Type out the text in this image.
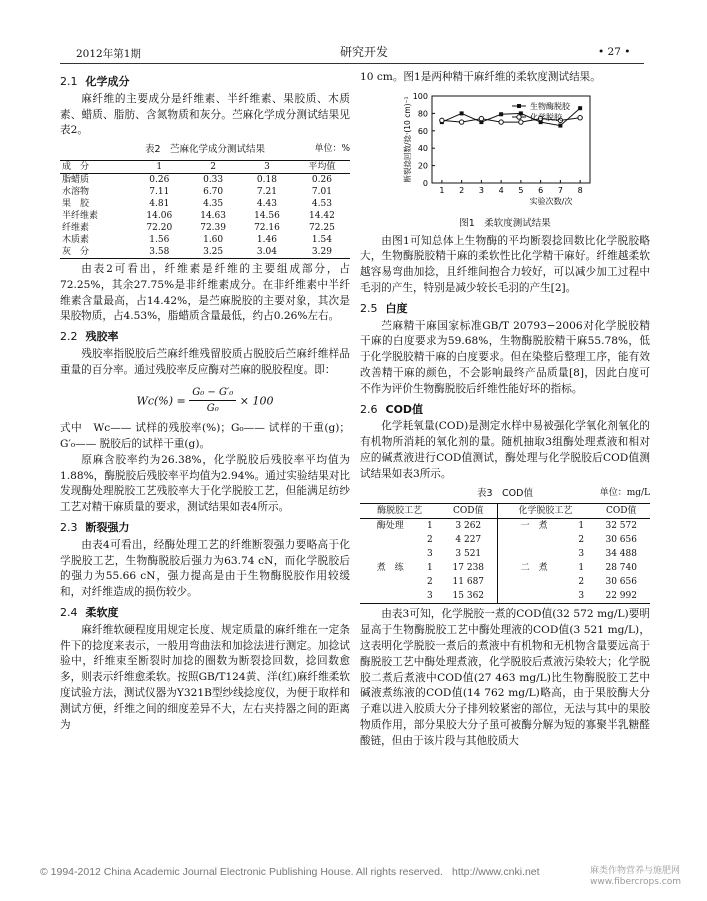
2012年第1期	研究开发	• 27 •
2.1 化学成分

麻纤维的主要成分是纤维素、半纤维素、果胶质、木质素、蜡质、脂肪、含氮物质和灰分。苎麻化学成分测试结果见表2。

表2　苎麻化学成分测试结果	单位：%
成　分	1	2	3	平均值
脂蜡质	0.26	0.33	0.18	0.26
水溶物	7.11	6.70	7.21	7.01
果　胶	4.81	4.35	4.43	4.53
半纤维素	14.06	14.63	14.56	14.42
纤维素	72.20	72.39	72.16	72.25
木质素	1.56	1.60	1.46	1.54
灰　分	3.58	3.25	3.04	3.29

由表2可看出，纤维素是纤维的主要组成部分，占72.25%，其余27.75%是非纤维素成分。在非纤维素中半纤维素含量最高，占14.42%，是苎麻脱胶的主要对象，其次是果胶物质，占4.53%，脂蜡质含量最低，约占0.26%左右。

2.2 残胶率

残胶率指脱胶后苎麻纤维残留胶质占脱胶后苎麻纤维样品重量的百分率。通过残胶率反应酶对苎麻的脱胶程度。即：

$Wc(\%) = \frac{\text{G₀ − G′₀}}{\text{G₀}} \times 100$

式中　Wc—— 试样的残胶率(%)；G₀—— 试样的干重(g)；G′₀—— 脱胶后的试样干重(g)。

原麻含胶率约为26.38%，化学脱胶后残胶率平均值为1.88%，酶脱胶后残胶率平均值为2.94%。通过实验结果对比发现酶处理脱胶工艺残胶率大于化学脱胶工艺，但能满足纺纱工艺对精干麻质量的要求，测试结果如表4所示。

2.3 断裂强力

由表4可看出，经酶处理工艺的纤维断裂强力要略高于化学脱胶工艺，生物酶脱胶后强力为63.74 cN，而化学脱胶后的强力为55.66 cN，强力提高是由于生物酶脱胶作用较缓和，对纤维造成的损伤较少。

2.4 柔软度

麻纤维软硬程度用规定长度、规定质量的麻纤维在一定条件下的捻度来表示，一般用弯曲法和加捻法进行测定。加捻试验中，纤维束至断裂时加捻的圈数为断裂捻回数，捻回数愈多，则表示纤维愈柔软。按照GB/T124黄、洋(红)麻纤维柔软度试验方法，测试仪器为Y321B型纱线捻度仪，为便于取样和测试方便，纤维之间的细度差异不大，左右夹持器之间的距离为

10 cm。图1是两种精干麻纤维的柔软度测试结果。

0
20
40
60
80
100
1 2 3 4 5 6 7 8
断裂捻回数/捻·(10 cm)⁻¹
实验次数/次
生物酶脱胶
化学脱胶
图1　柔软度测试结果

由图1可知总体上生物酶的平均断裂捻回数比化学脱胶略大，生物酶脱胶精干麻的柔软性比化学精干麻好。纤维越柔软越容易弯曲加捻，且纤维间抱合力较好，可以减少加工过程中毛羽的产生，特别是减少较长毛羽的产生[2]。

2.5 白度

苎麻精干麻国家标准GB/T 20793−2006对化学脱胶精干麻的白度要求为59.68%，生物酶脱胶精干麻55.78%，低于化学脱胶精干麻的白度要求。但在染整后整理工序，能有效改善精干麻的颜色，不会影响最终产品质量[8]，因此白度可不作为评价生物酶脱胶后纤维性能好坏的指标。

2.6 COD值

化学耗氧量(COD)是测定水样中易被强化学氧化剂氧化的有机物所消耗的氧化剂的量。随机抽取3组酶处理煮液和相对应的碱煮液进行COD值测试，酶处理与化学脱胶后COD值测试结果如表3所示。

表3　COD值	单位：mg/L
酶脱胶工艺		COD值	化学脱胶工艺		COD值
酶处理	1	3 262	一　煮	1	32 572
	2	4 227		2	30 656
	3	3 521		3	34 488
煮　练	1	17 238	二　煮	1	28 740
	2	11 687		2	30 656
	3	15 362		3	22 992

由表3可知，化学脱胶一煮的COD值(32 572 mg/L)要明显高于生物酶脱胶工艺中酶处理液的COD值(3 521 mg/L)，这表明化学脱胶一煮后的煮液中有机物和无机物含量要远高于酶脱胶工艺中酶处理煮液，化学脱胶后煮液污染较大；化学脱胶二煮后煮液中COD值(27 463 mg/L)比生物酶脱胶工艺中碱液煮练液的COD值(14 762 mg/L)略高，由于果胶酶大分子难以进入胶质大分子排列较紧密的部位，无法与其中的果胶物质作用，部分果胶大分子虽可被酶分解为短的寡聚半乳糖醛酸链，但由于该片段与其他胶质大

© 1994-2012 China Academic Journal Electronic Publishing House. All rights reserved. http://www.cnki.net	麻类作物营养与施肥网
www.fibercrops.com
